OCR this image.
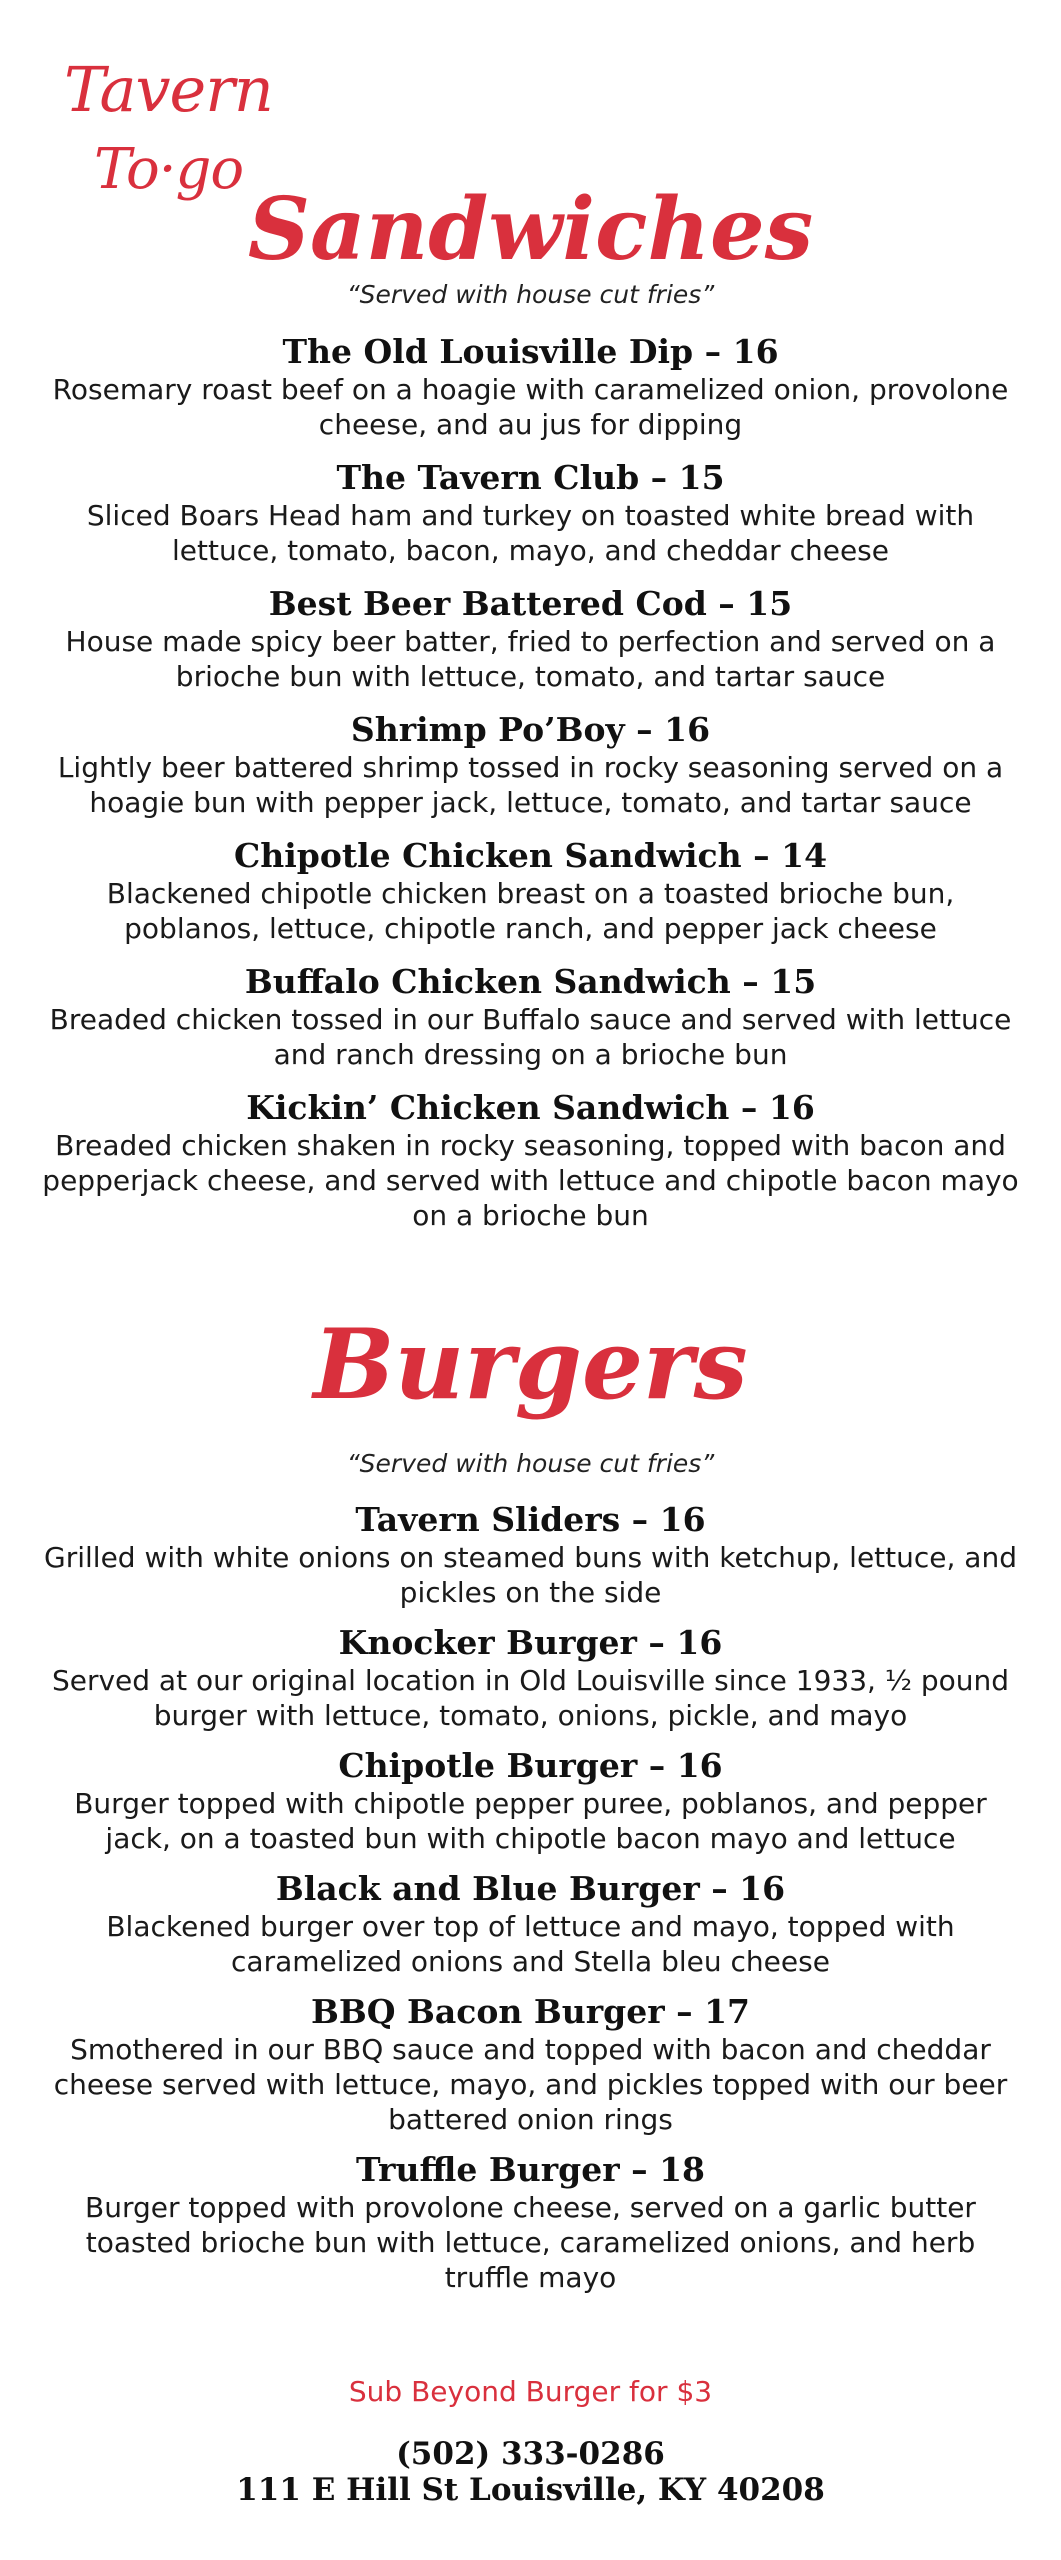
Tavern
To·go
Sandwiches
“Served with house cut fries”
The Old Louisville Dip – 16
Rosemary roast beef on a hoagie with caramelized onion, provolone cheese, and au jus for dipping
The Tavern Club – 15
Sliced Boars Head ham and turkey on toasted white bread with lettuce, tomato, bacon, mayo, and cheddar cheese
Best Beer Battered Cod – 15
House made spicy beer batter, fried to perfection and served on a brioche bun with lettuce, tomato, and tartar sauce
Shrimp Po’Boy – 16
Lightly beer battered shrimp tossed in rocky seasoning served on a hoagie bun with pepper jack, lettuce, tomato, and tartar sauce
Chipotle Chicken Sandwich – 14
Blackened chipotle chicken breast on a toasted brioche bun, poblanos, lettuce, chipotle ranch, and pepper jack cheese
Buffalo Chicken Sandwich – 15
Breaded chicken tossed in our Buffalo sauce and served with lettuce and ranch dressing on a brioche bun
Kickin’ Chicken Sandwich – 16
Breaded chicken shaken in rocky seasoning, topped with bacon and pepperjack cheese, and served with lettuce and chipotle bacon mayo on a brioche bun
Burgers
“Served with house cut fries”
Tavern Sliders – 16
Grilled with white onions on steamed buns with ketchup, lettuce, and pickles on the side
Knocker Burger – 16
Served at our original location in Old Louisville since 1933, ½ pound burger with lettuce, tomato, onions, pickle, and mayo
Chipotle Burger – 16
Burger topped with chipotle pepper puree, poblanos, and pepper jack, on a toasted bun with chipotle bacon mayo and lettuce
Black and Blue Burger – 16
Blackened burger over top of lettuce and mayo, topped with caramelized onions and Stella bleu cheese
BBQ Bacon Burger – 17
Smothered in our BBQ sauce and topped with bacon and cheddar cheese served with lettuce, mayo, and pickles topped with our beer battered onion rings
Truffle Burger – 18
Burger topped with provolone cheese, served on a garlic butter toasted brioche bun with lettuce, caramelized onions, and herb truffle mayo
Sub Beyond Burger for $3
(502) 333-0286
111 E Hill St Louisville, KY 40208
